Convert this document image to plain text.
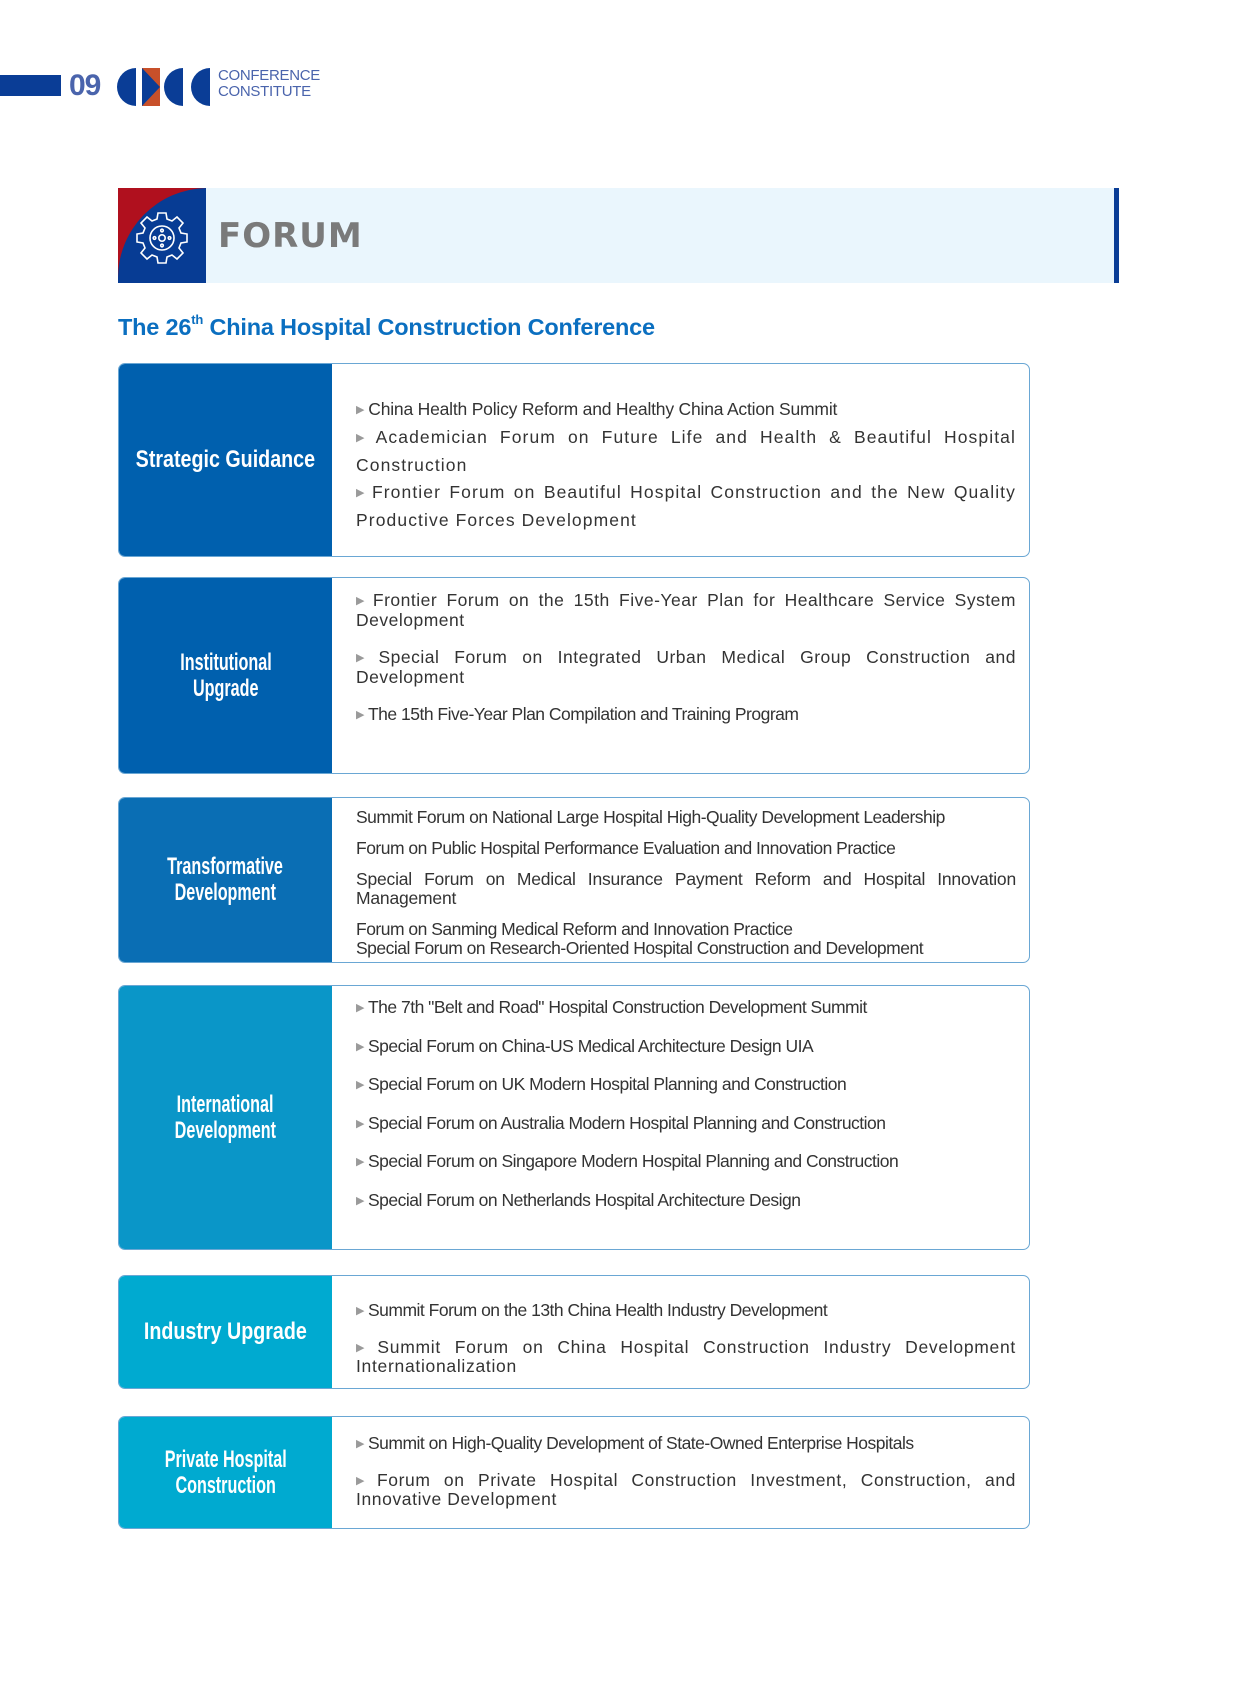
09	CONFERENCE
CONSTITUTE
FORUM
The 26th China Hospital Construction Conference
Strategic Guidance
▶ China Health Policy Reform and Healthy China Action Summit
▶ Academician Forum on Future Life and Health & Beautiful Hospital Construction
▶ Frontier Forum on Beautiful Hospital Construction and the New Quality Productive Forces Development
Institutional
Upgrade
▶ Frontier Forum on the 15th Five-Year Plan for Healthcare Service System Development
▶ Special Forum on Integrated Urban Medical Group Construction and Development
▶ The 15th Five-Year Plan Compilation and Training Program
Transformative
Development
Summit Forum on National Large Hospital High-Quality Development Leadership
Forum on Public Hospital Performance Evaluation and Innovation Practice
Special Forum on Medical Insurance Payment Reform and Hospital Innovation Management
Forum on Sanming Medical Reform and Innovation Practice
Special Forum on Research-Oriented Hospital Construction and Development
International
Development
▶ The 7th "Belt and Road" Hospital Construction Development Summit
▶ Special Forum on China-US Medical Architecture Design UIA
▶ Special Forum on UK Modern Hospital Planning and Construction
▶ Special Forum on Australia Modern Hospital Planning and Construction
▶ Special Forum on Singapore Modern Hospital Planning and Construction
▶ Special Forum on Netherlands Hospital Architecture Design
Industry Upgrade
▶ Summit Forum on the 13th China Health Industry Development
▶ Summit Forum on China Hospital Construction Industry Development Internationalization
Private Hospital
Construction
▶ Summit on High-Quality Development of State-Owned Enterprise Hospitals
▶ Forum on Private Hospital Construction Investment, Construction, and Innovative Development
